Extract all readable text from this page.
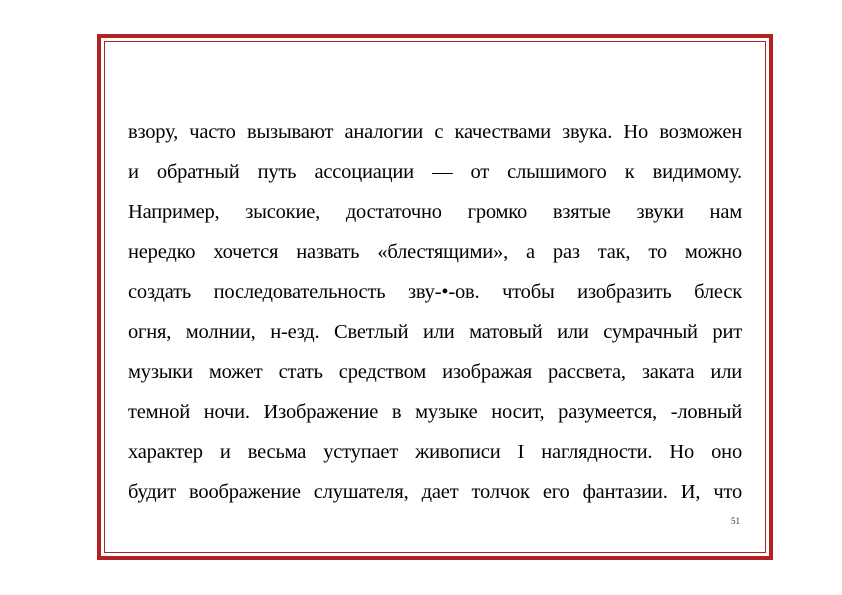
взору, часто вызывают аналогии с качествами звука. Но возможен
и обратный путь ассоциации — от слышимого к видимому.
Например, зысокие, достаточно громко взятые звуки нам
нередко хочется назвать «блестящими», а раз так, то можно
создать последовательность зву-•-ов. чтобы изобразить блеск
огня, молнии, н-езд. Светлый или матовый или сумрачный рит
музыки может стать средством изображая рассвета, заката или
темной ночи. Изображение в музыке носит, разумеется, -ловный
характер и весьма уступает живописи I наглядности. Но оно
будит воображение слушателя, дает толчок его фантазии. И, что
51
